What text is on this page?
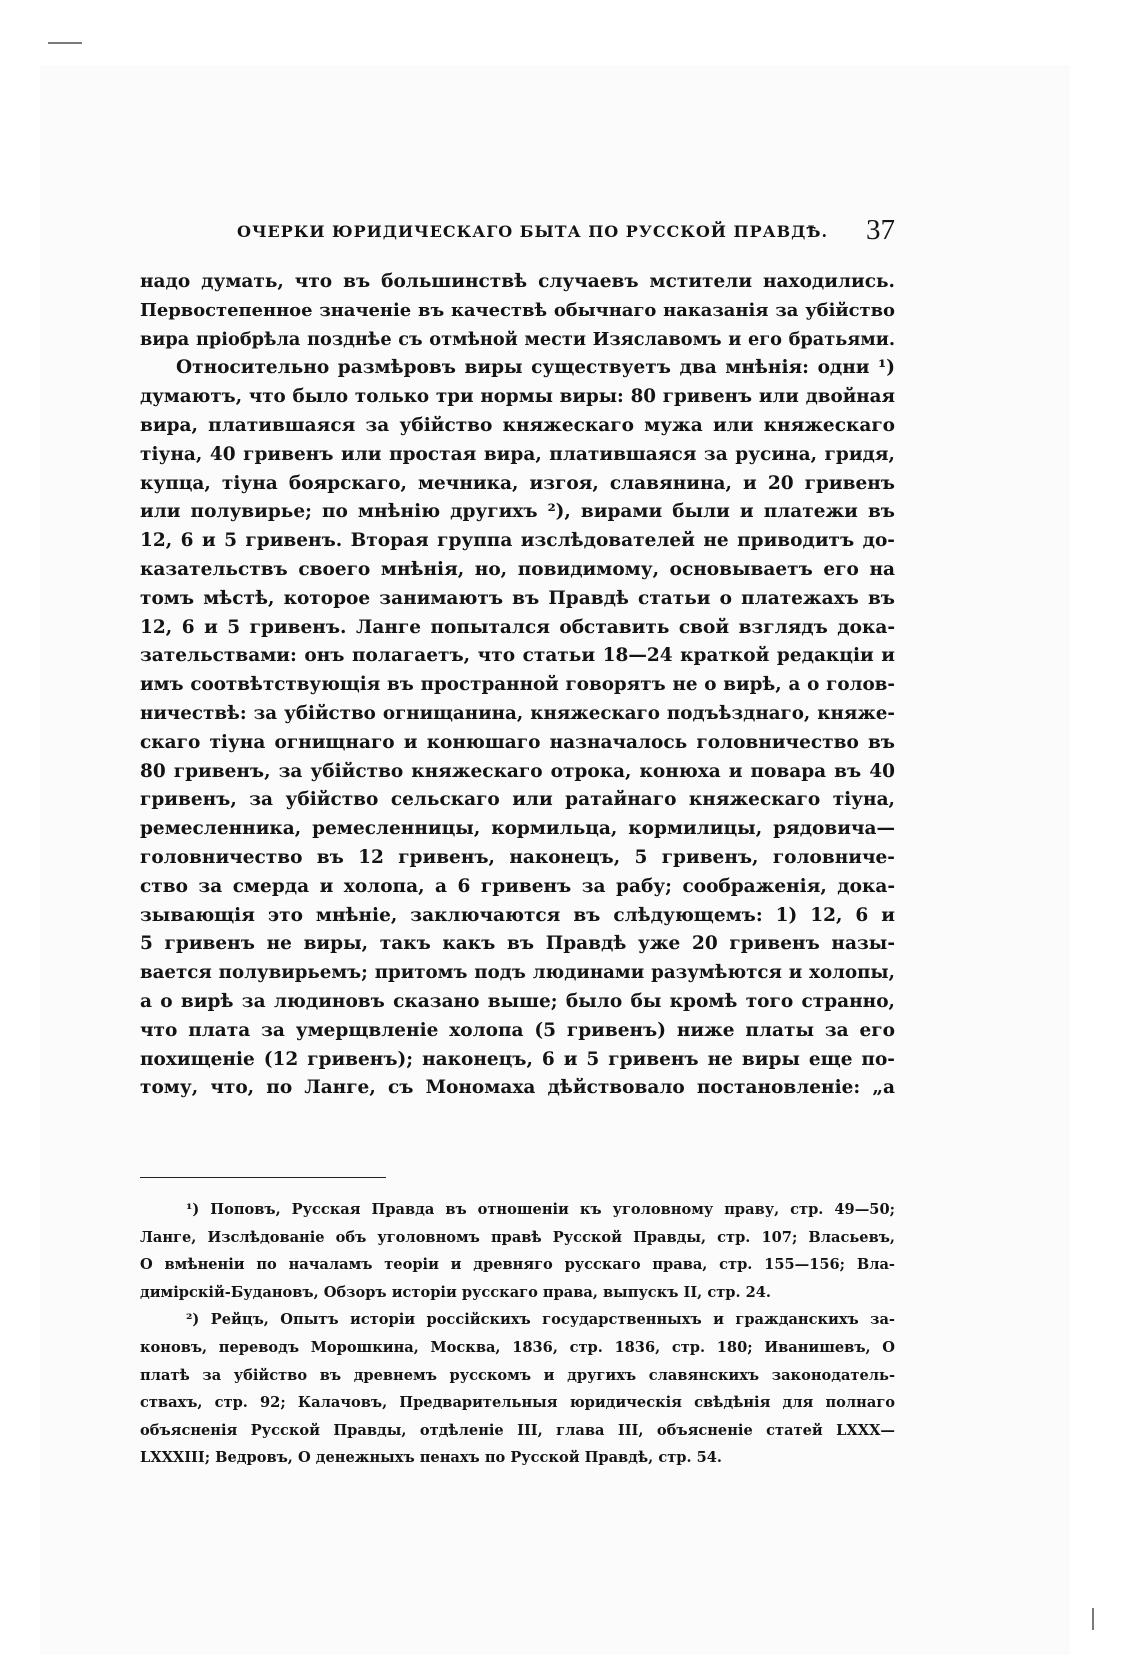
ОЧЕРКИ ЮРИДИЧЕСКАГО БЫТА ПО РУССКОЙ ПРАВДѢ. 37
надо думать, что въ большинствѣ случаевъ мстители находились.
Первостепенное значеніе въ качествѣ обычнаго наказанія за убійство
вира пріобрѣла позднѣе съ отмѣной мести Изяславомъ и его братьями.
Относительно размѣровъ виры существуетъ два мнѣнія: одни ¹)
думаютъ, что было только три нормы виры: 80 гривенъ или двойная
вира, платившаяся за убійство княжескаго мужа или княжескаго
тіуна, 40 гривенъ или простая вира, платившаяся за русина, гридя,
купца, тіуна боярскаго, мечника, изгоя, славянина, и 20 гривенъ
или полувирье; по мнѣнію другихъ ²), вирами были и платежи въ
12, 6 и 5 гривенъ. Вторая группа изслѣдователей не приводитъ до-
казательствъ своего мнѣнія, но, повидимому, основываетъ его на
томъ мѣстѣ, которое занимаютъ въ Правдѣ статьи о платежахъ въ
12, 6 и 5 гривенъ. Ланге попытался обставить свой взглядъ дока-
зательствами: онъ полагаетъ, что статьи 18—24 краткой редакціи и
имъ соотвѣтствующія въ пространной говорятъ не о вирѣ, а о голов-
ничествѣ: за убійство огнищанина, княжескаго подъѣзднаго, княже-
скаго тіуна огнищнаго и конюшаго назначалось головничество въ
80 гривенъ, за убійство княжескаго отрока, конюха и повара въ 40
гривенъ, за убійство сельскаго или ратайнаго княжескаго тіуна,
ремесленника, ремесленницы, кормильца, кормилицы, рядовича—
головничество въ 12 гривенъ, наконецъ, 5 гривенъ, головниче-
ство за смерда и холопа, а 6 гривенъ за рабу; соображенія, дока-
зывающія это мнѣніе, заключаются въ слѣдующемъ: 1) 12, 6 и
5 гривенъ не виры, такъ какъ въ Правдѣ уже 20 гривенъ назы-
вается полувирьемъ; притомъ подъ людинами разумѣются и холопы,
а о вирѣ за людиновъ сказано выше; было бы кромѣ того странно,
что плата за умерщвленіе холопа (5 гривенъ) ниже платы за его
похищеніе (12 гривенъ); наконецъ, 6 и 5 гривенъ не виры еще по-
тому, что, по Ланге, съ Мономаха дѣйствовало постановленіе: „а
¹) Поповъ, Русская Правда въ отношеніи къ уголовному праву, стр. 49—50;
Ланге, Изслѣдованіе объ уголовномъ правѣ Русской Правды, стр. 107; Власьевъ,
О вмѣненіи по началамъ теоріи и древняго русскаго права, стр. 155—156; Вла-
димірскій-Будановъ, Обзоръ исторіи русскаго права, выпускъ II, стр. 24.
²) Рейцъ, Опытъ исторіи россійскихъ государственныхъ и гражданскихъ за-
коновъ, переводъ Морошкина, Москва, 1836, стр. 1836, стр. 180; Иванишевъ, О
платѣ за убійство въ древнемъ русскомъ и другихъ славянскихъ законодатель-
ствахъ, стр. 92; Калачовъ, Предварительныя юридическія свѣдѣнія для полнаго
объясненія Русской Правды, отдѣленіе III, глава III, объясненіе статей LXXX—
LXXXIII; Ведровъ, О денежныхъ пенахъ по Русской Правдѣ, стр. 54.
